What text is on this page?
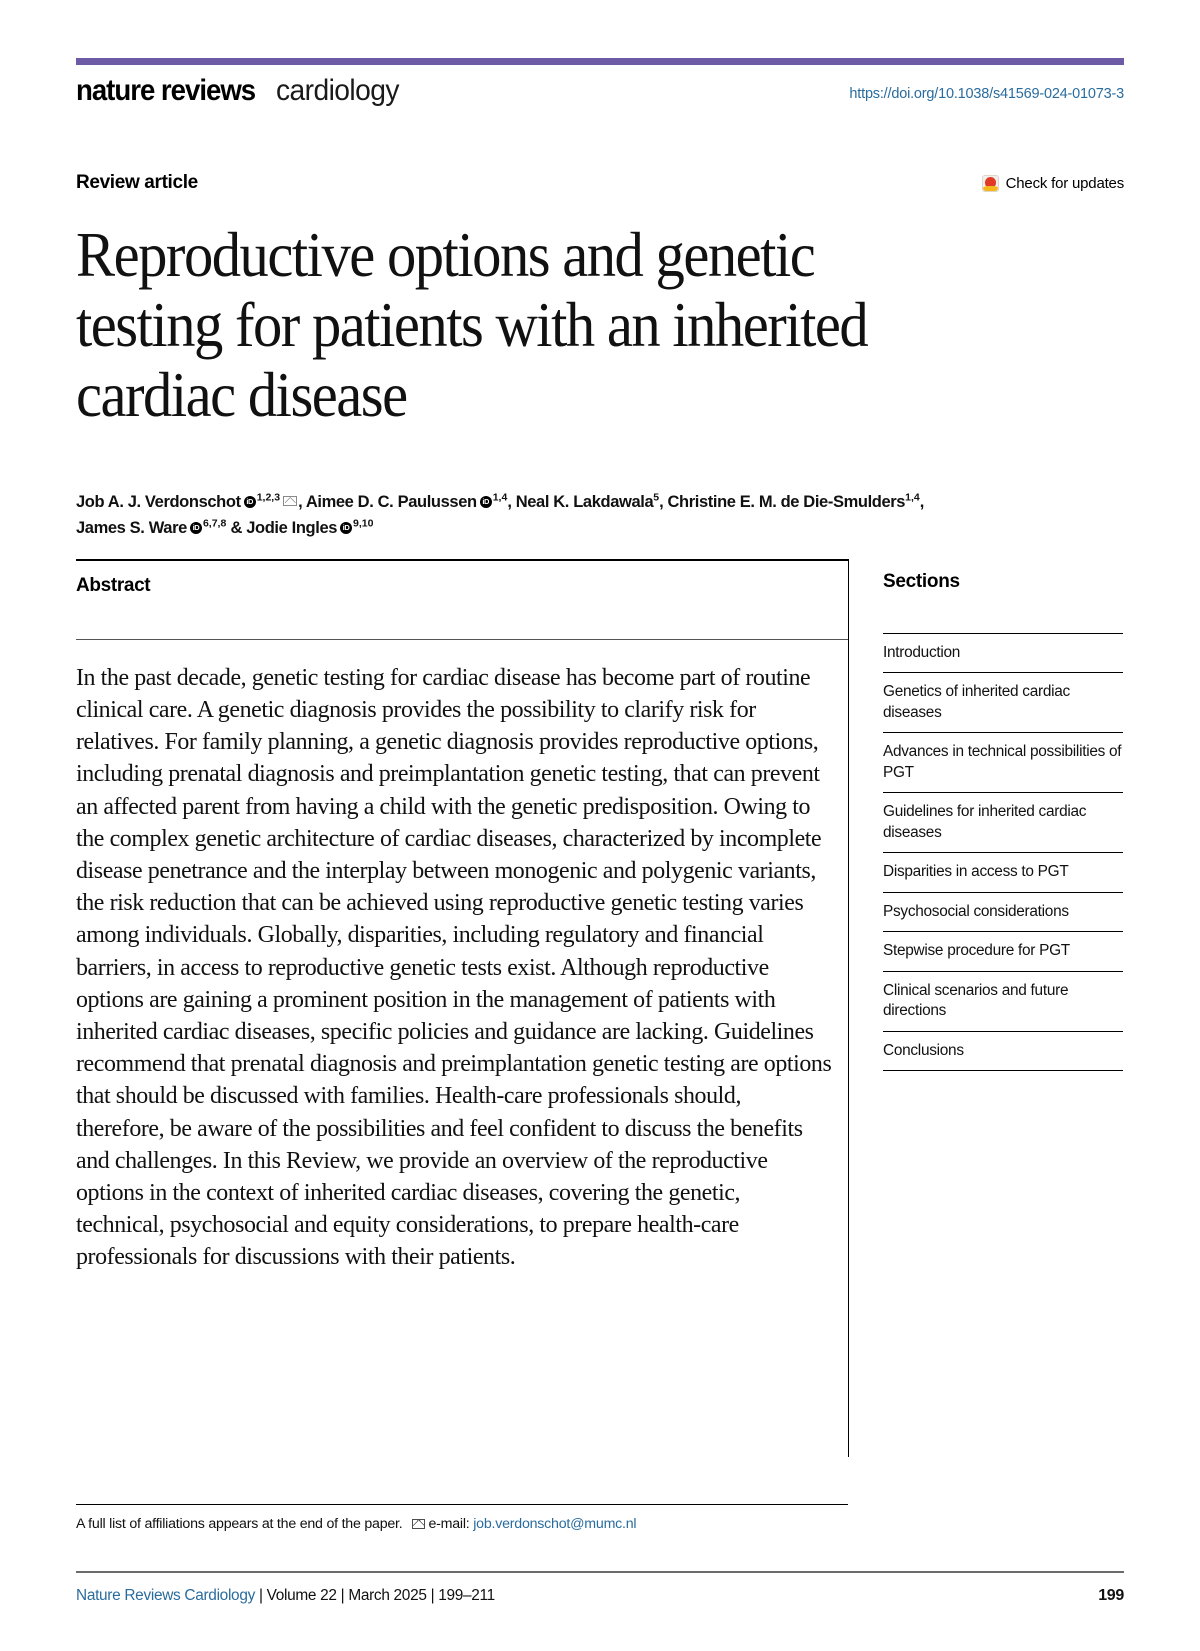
nature reviews cardiology	https://doi.org/10.1038/s41569-024-01073-3
Review article	Check for updates
Reproductive options and genetic testing for patients with an inherited cardiac disease
Job A. J. Verdonschot iD $^{1,2,3}$ , Aimee D. C. Paulussen iD $^{1,4}$, Neal K. Lakdawala$^5$, Christine E. M. de Die-Smulders$^{1,4}$,
James S. Ware iD $^{6,7,8}$ & Jodie Ingles iD $^{9,10}$
Abstract

In the past decade, genetic testing for cardiac disease has become part of routine clinical care. A genetic diagnosis provides the possibility to clarify risk for relatives. For family planning, a genetic diagnosis provides reproductive options, including prenatal diagnosis and preimplantation genetic testing, that can prevent an affected parent from having a child with the genetic predisposition. Owing to the complex genetic architecture of cardiac diseases, characterized by incomplete disease penetrance and the interplay between monogenic and polygenic variants, the risk reduction that can be achieved using reproductive genetic testing varies among individuals. Globally, disparities, including regulatory and financial barriers, in access to reproductive genetic tests exist. Although reproductive options are gaining a prominent position in the management of patients with inherited cardiac diseases, specific policies and guidance are lacking. Guidelines recommend that prenatal diagnosis and preimplantation genetic testing are options that should be discussed with families. Health-care professionals should, therefore, be aware of the possibilities and feel confident to discuss the benefits and challenges. In this Review, we provide an overview of the reproductive options in the context of inherited cardiac diseases, covering the genetic, technical, psychosocial and equity considerations, to prepare health-care professionals for discussions with their patients.

Sections
Introduction
Genetics of inherited cardiac diseases
Advances in technical possibilities of PGT
Guidelines for inherited cardiac diseases
Disparities in access to PGT
Psychosocial considerations
Stepwise procedure for PGT
Clinical scenarios and future directions
Conclusions
A full list of affiliations appears at the end of the paper. e-mail:
job.verdonschot@mumc.nl
Nature Reviews Cardiology | Volume 22 | March 2025 | 199–211	199
